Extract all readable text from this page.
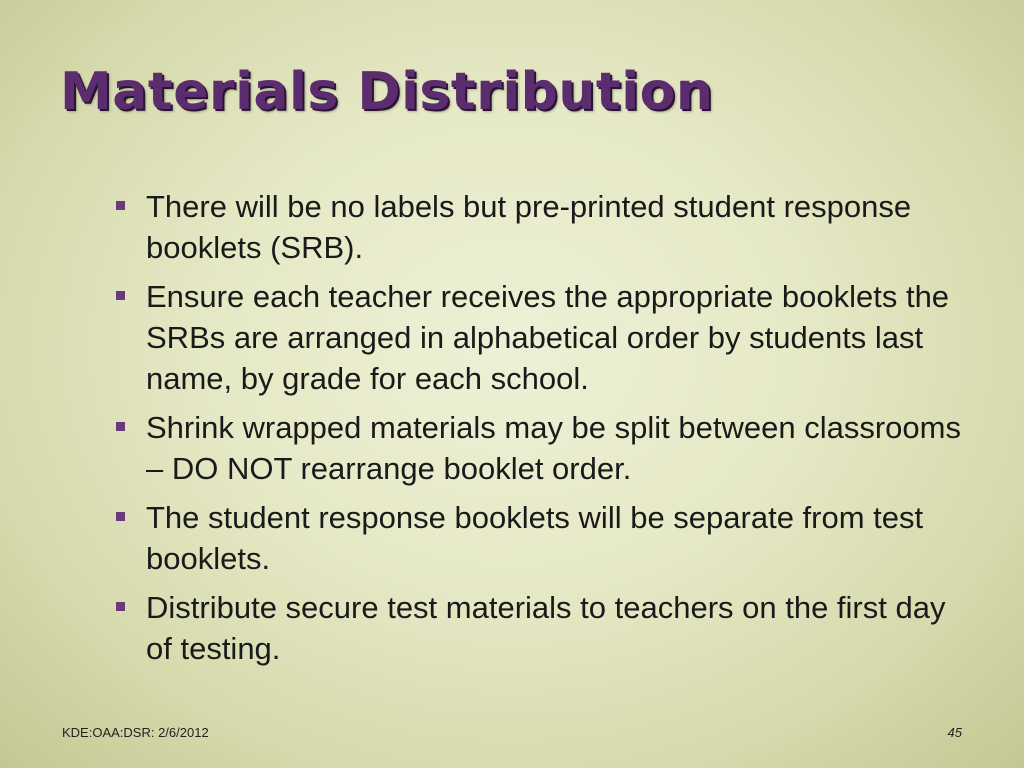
Materials Distribution
There will be no labels but pre-printed student response booklets (SRB).
Ensure each teacher receives the appropriate booklets the SRBs are arranged in alphabetical order by students last name, by grade for each school.
Shrink wrapped materials may be split between classrooms – DO NOT rearrange booklet order.
The student response booklets will be separate from test booklets.
Distribute secure test materials to teachers on the first day of testing.
KDE:OAA:DSR: 2/6/2012	45
